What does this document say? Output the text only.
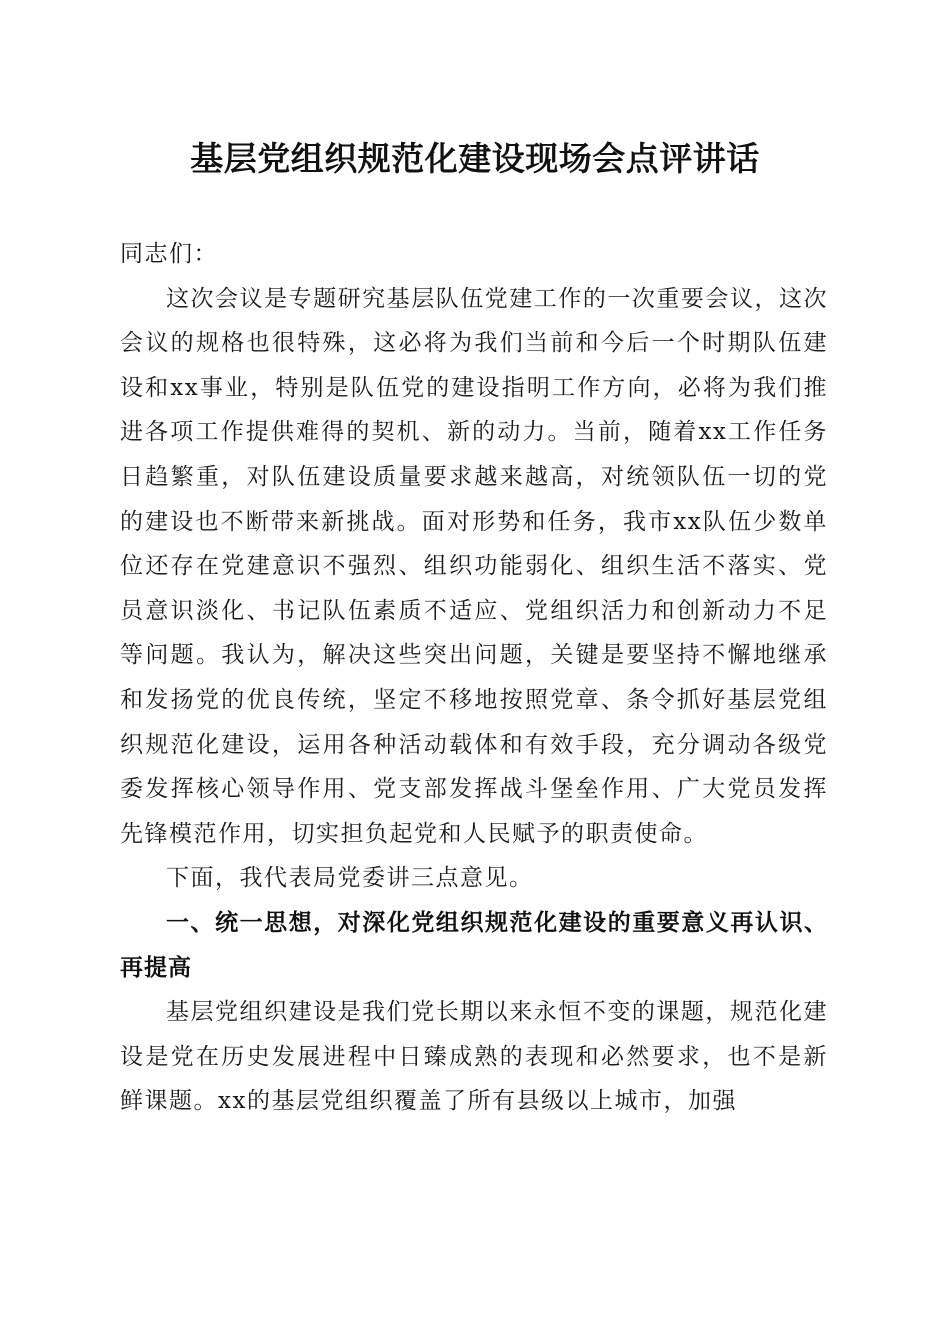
基层党组织规范化建设现场会点评讲话

同志们：

这次会议是专题研究基层队伍党建工作的一次重要会议，这次会议的规格也很特殊，这必将为我们当前和今后一个时期队伍建设和xx事业，特别是队伍党的建设指明工作方向，必将为我们推进各项工作提供难得的契机、新的动力。当前，随着xx工作任务日趋繁重，对队伍建设质量要求越来越高，对统领队伍一切的党的建设也不断带来新挑战。面对形势和任务，我市xx队伍少数单位还存在党建意识不强烈、组织功能弱化、组织生活不落实、党员意识淡化、书记队伍素质不适应、党组织活力和创新动力不足等问题。我认为，解决这些突出问题，关键是要坚持不懈地继承和发扬党的优良传统，坚定不移地按照党章、条令抓好基层党组织规范化建设，运用各种活动载体和有效手段，充分调动各级党委发挥核心领导作用、党支部发挥战斗堡垒作用、广大党员发挥先锋模范作用，切实担负起党和人民赋予的职责使命。

下面，我代表局党委讲三点意见。

一、统一思想，对深化党组织规范化建设的重要意义再认识、再提高

基层党组织建设是我们党长期以来永恒不变的课题，规范化建设是党在历史发展进程中日臻成熟的表现和必然要求，也不是新鲜课题。xx的基层党组织覆盖了所有县级以上城市，加强
